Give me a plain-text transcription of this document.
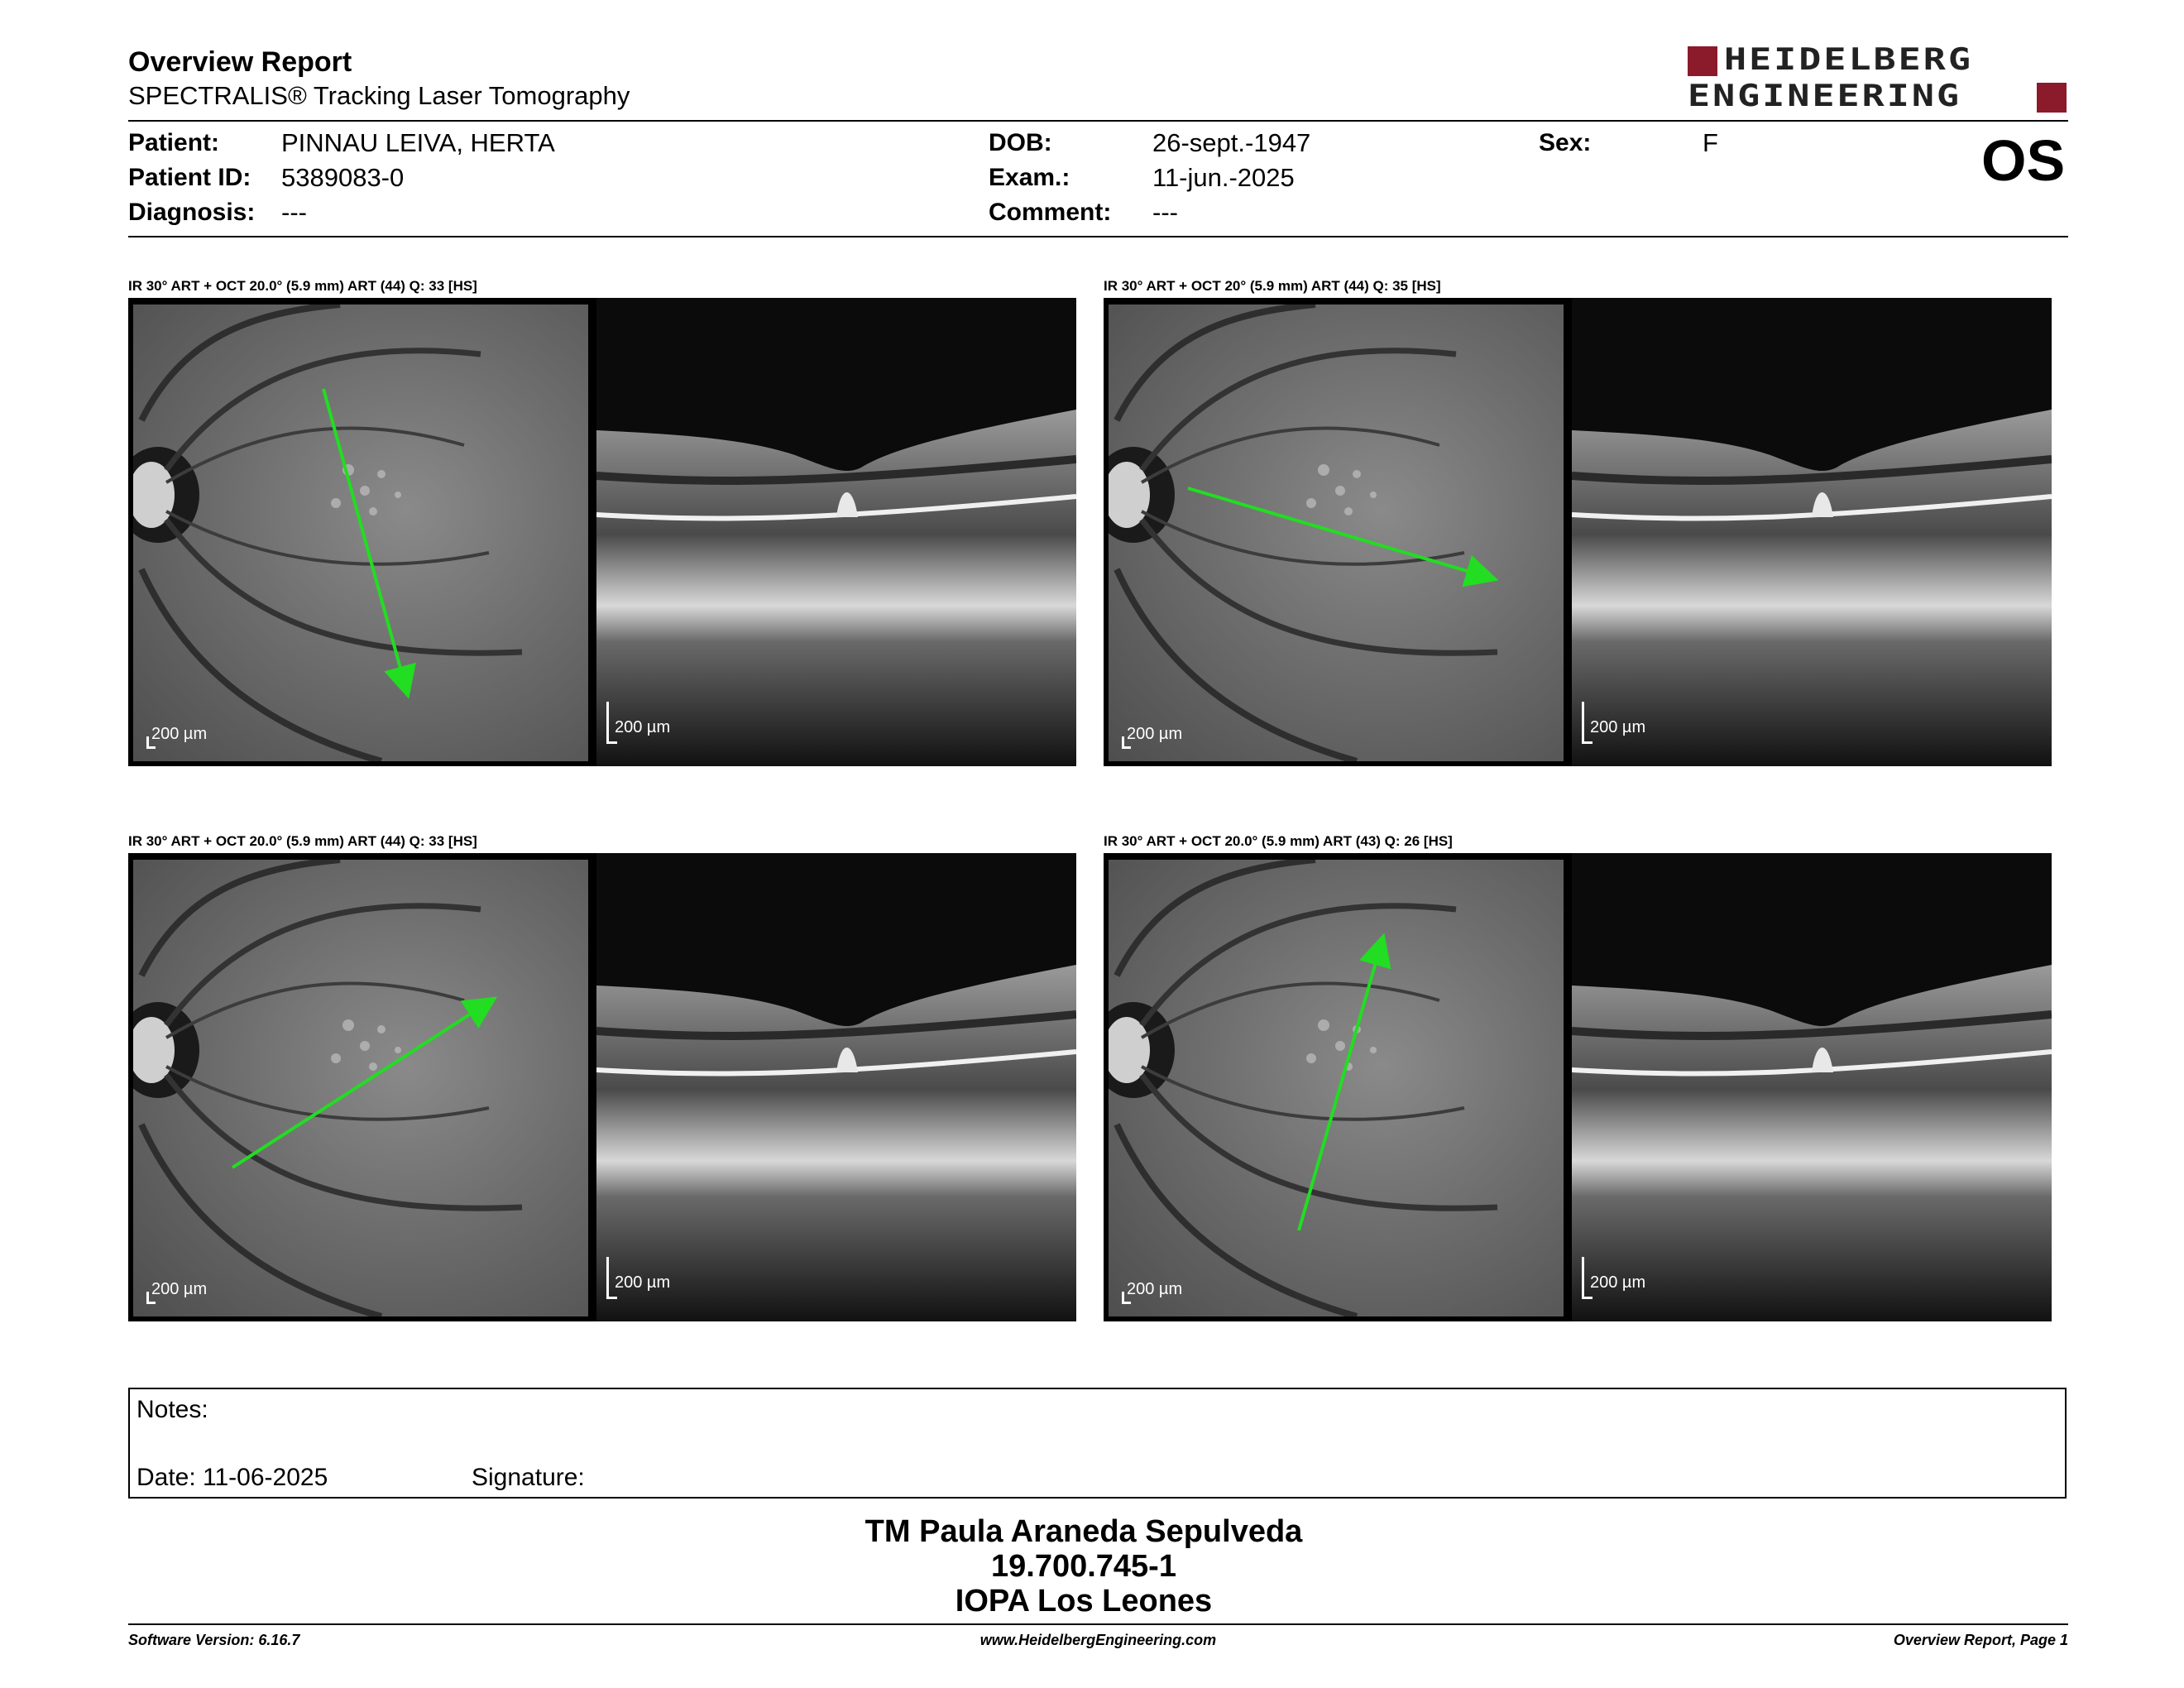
Overview Report
SPECTRALIS® Tracking Laser Tomography
HEIDELBERG
ENGINEERING
Patient: PINNAU LEIVA, HERTA
Patient ID: 5389083-0
Diagnosis: ---
DOB:	26-sept.-1947
Exam.:	11-jun.-2025
Comment: ---
Sex:	F	OS
IR 30° ART + OCT 20.0° (5.9 mm) ART (44) Q: 33 [HS]
200 µm	200 µm
IR 30° ART + OCT 20° (5.9 mm) ART (44) Q: 35 [HS]
200 µm	200 µm
IR 30° ART + OCT 20.0° (5.9 mm) ART (44) Q: 33 [HS]
200 µm	200 µm
IR 30° ART + OCT 20.0° (5.9 mm) ART (43) Q: 26 [HS]
200 µm	200 µm
Notes:
Date: 11-06-2025	Signature:
TM Paula Araneda Sepulveda
19.700.745-1
IOPA Los Leones
Software Version: 6.16.7	www.HeidelbergEngineering.com	Overview Report, Page 1
